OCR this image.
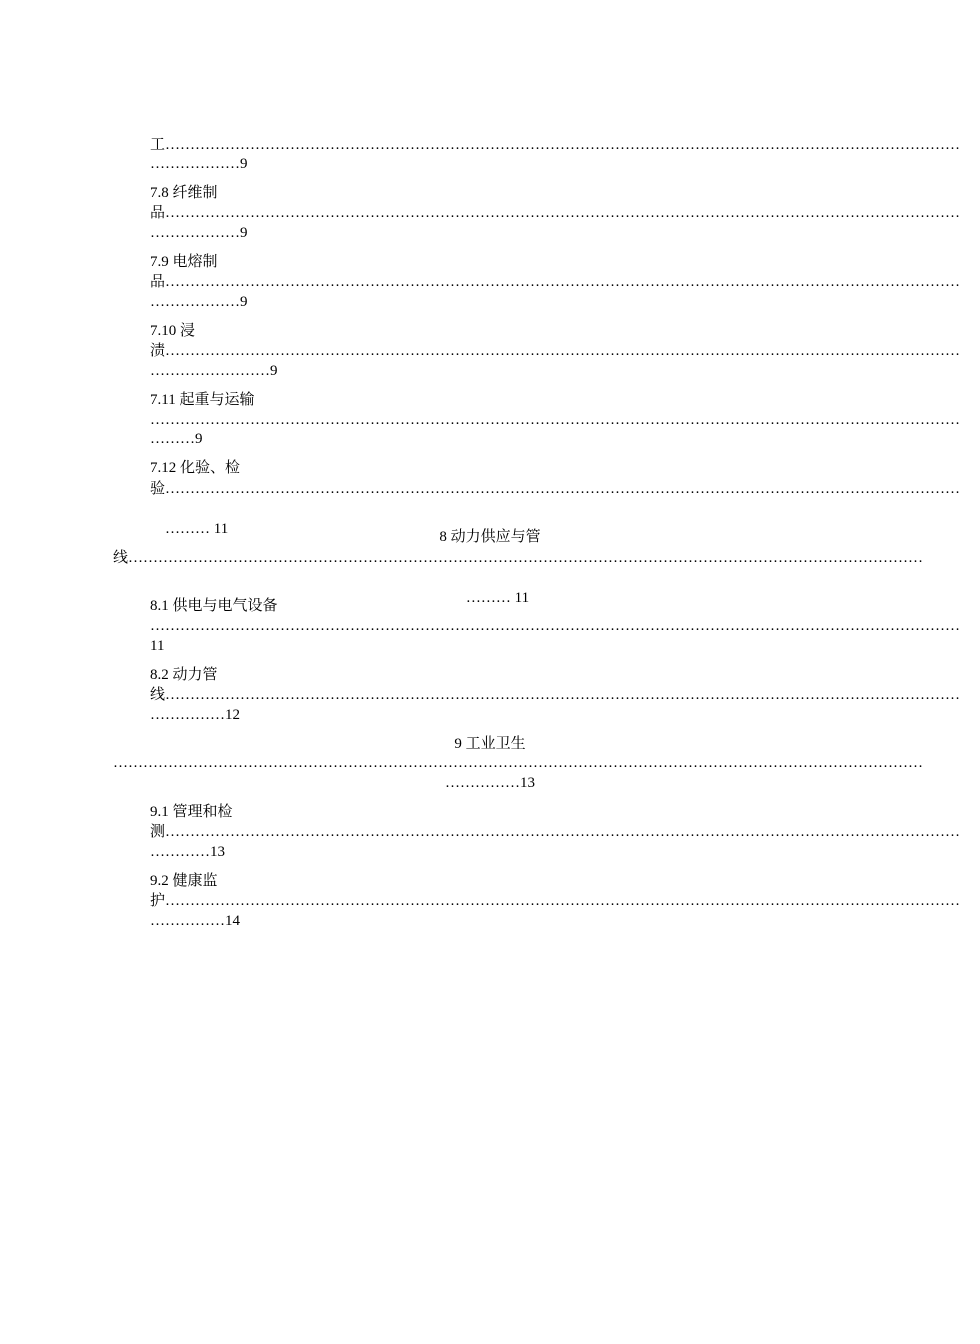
工……………………………………………………………………………………………………………………………………………
………………9
7.8 纤维制
品……………………………………………………………………………………………………………………………………………
………………9
7.9 电熔制
品……………………………………………………………………………………………………………………………………………
………………9
7.10 浸
渍……………………………………………………………………………………………………………………………………………
……………………9
7.11 起重与运输
………………………………………………………………………………………………………………………………………………
………9
7.12 化验、检
验……………………………………………………………………………………………………………………………………………

……… 11
	8 动力供应与管
线……………………………………………………………………………………………………………………………………………

……… 11

8.1 供电与电气设备
………………………………………………………………………………………………………………………………………………
11
8.2 动力管
线……………………………………………………………………………………………………………………………………………
……………12
9 工业卫生
………………………………………………………………………………………………………………………………………………
……………13
9.1 管理和检
测……………………………………………………………………………………………………………………………………………
…………13
9.2 健康监
护……………………………………………………………………………………………………………………………………………
……………14
